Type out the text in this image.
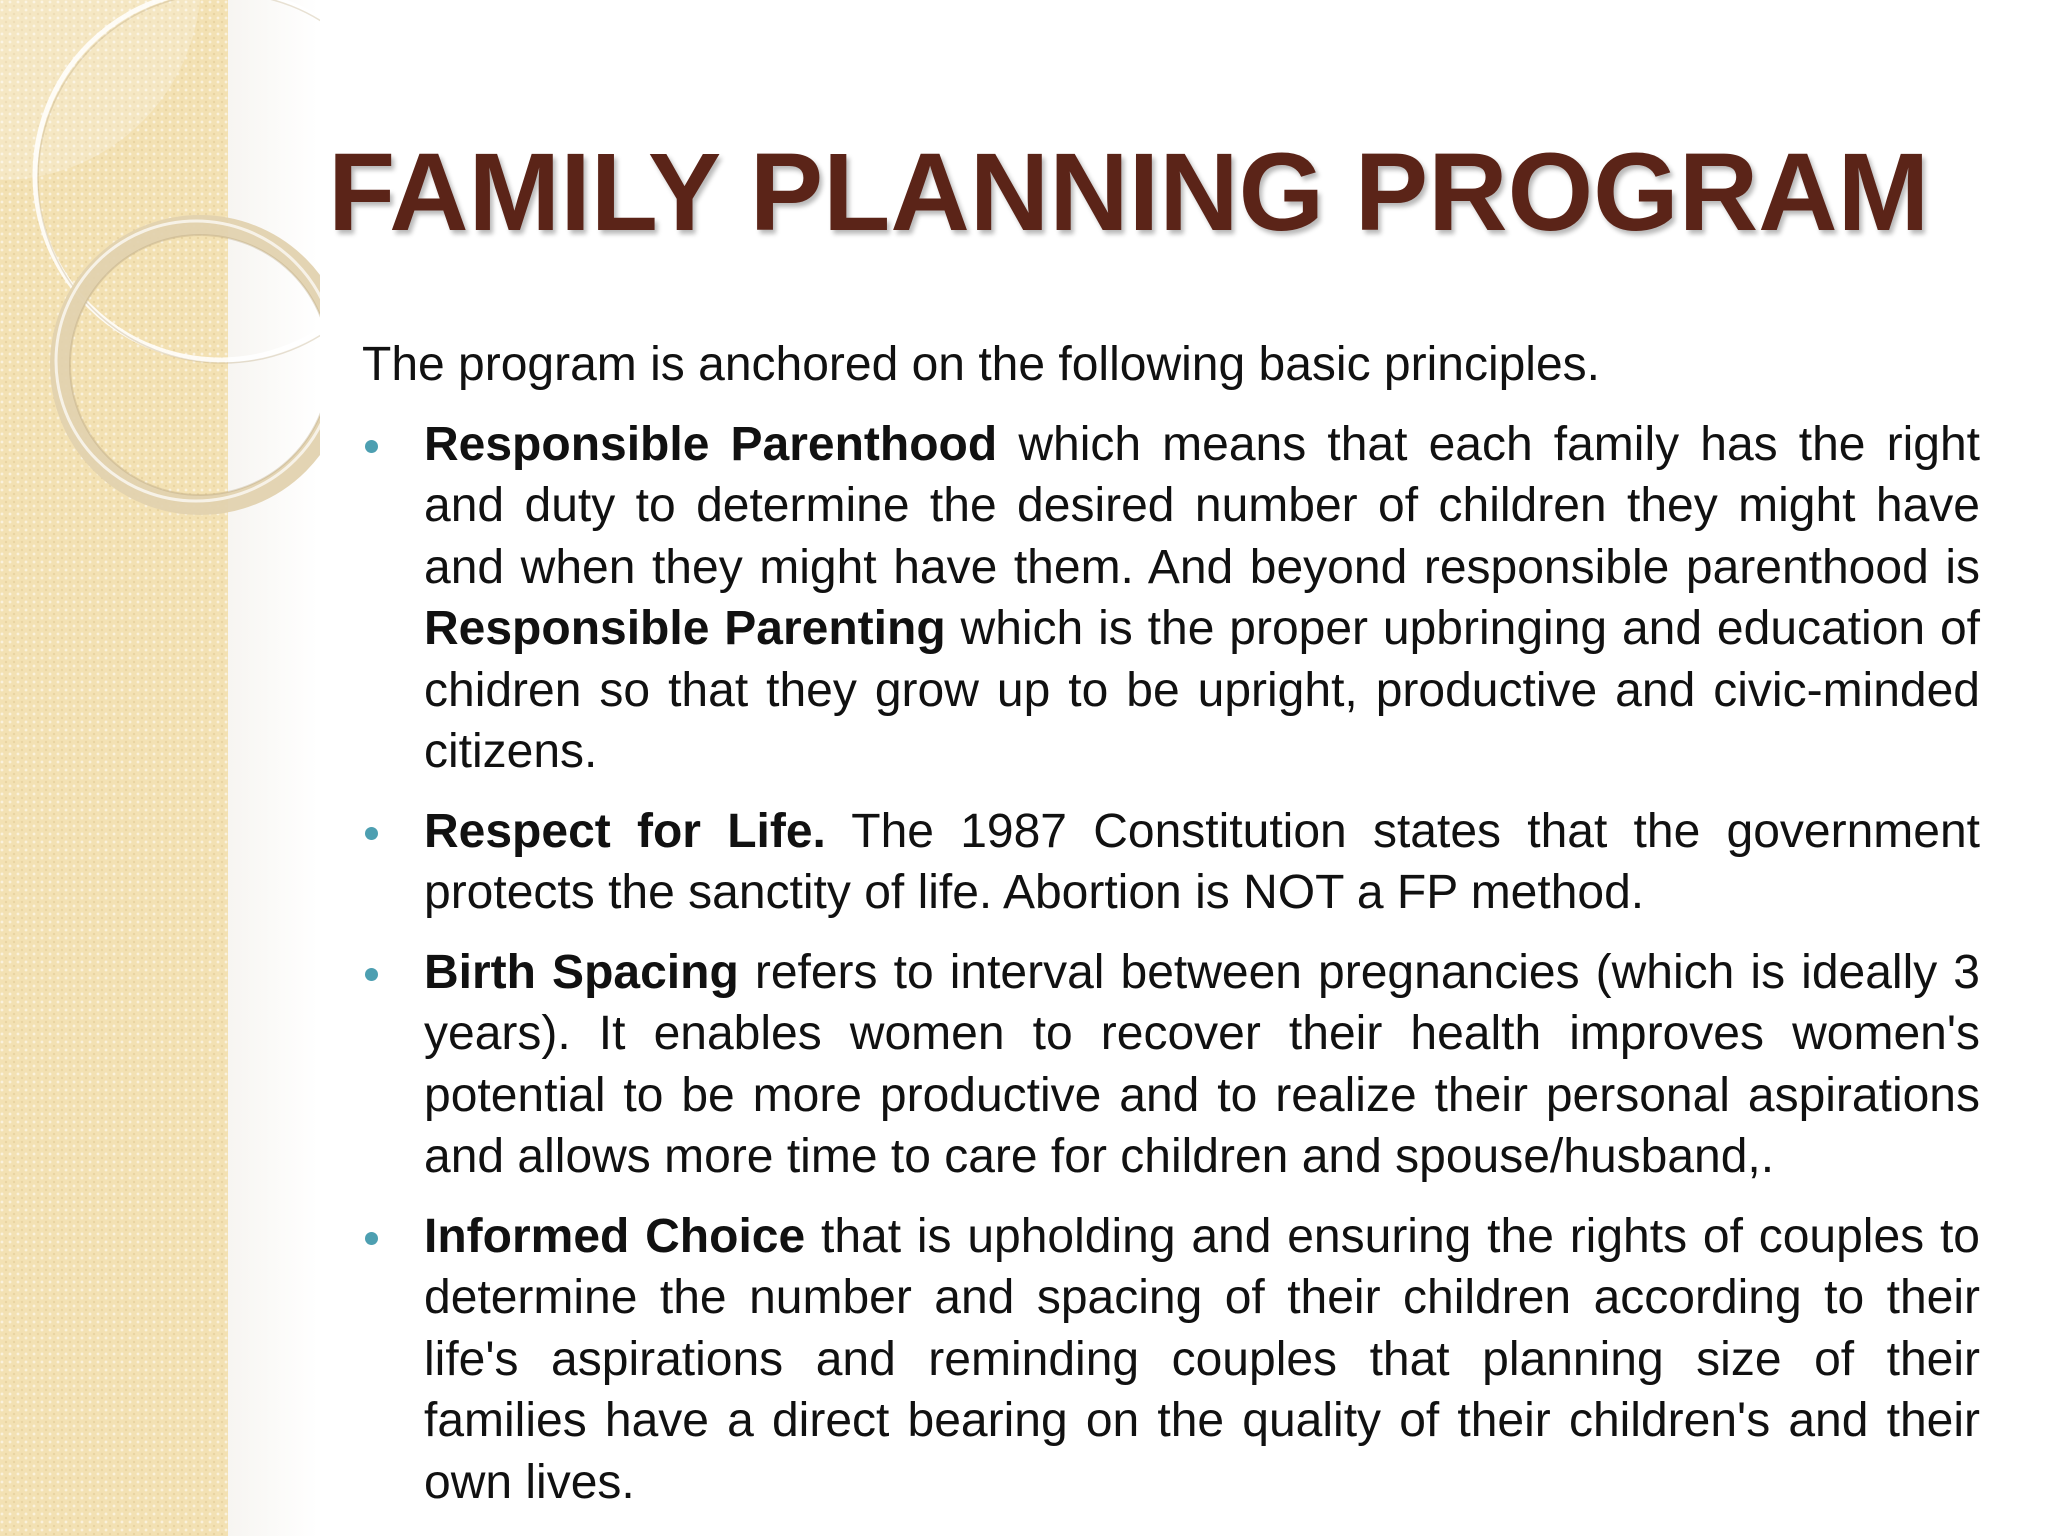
FAMILY PLANNING PROGRAM

The program is anchored on the following basic principles.

Responsible Parenthood which means that each family has the right and duty to determine the desired number of children they might have and when they might have them. And beyond responsible parenthood is Responsible Parenting which is the proper upbringing and education of chidren so that they grow up to be upright, productive and civic-minded citizens.
Respect for Life. The 1987 Constitution states that the government protects the sanctity of life. Abortion is NOT a FP method.
Birth Spacing refers to interval between pregnancies (which is ideally 3 years). It enables women to recover their health improves women's potential to be more productive and to realize their personal aspirations and allows more time to care for children and spouse/husband,.
Informed Choice that is upholding and ensuring the rights of couples to determine the number and spacing of their children according to their life's aspirations and reminding couples that planning size of their families have a direct bearing on the quality of their children's and their own lives.
